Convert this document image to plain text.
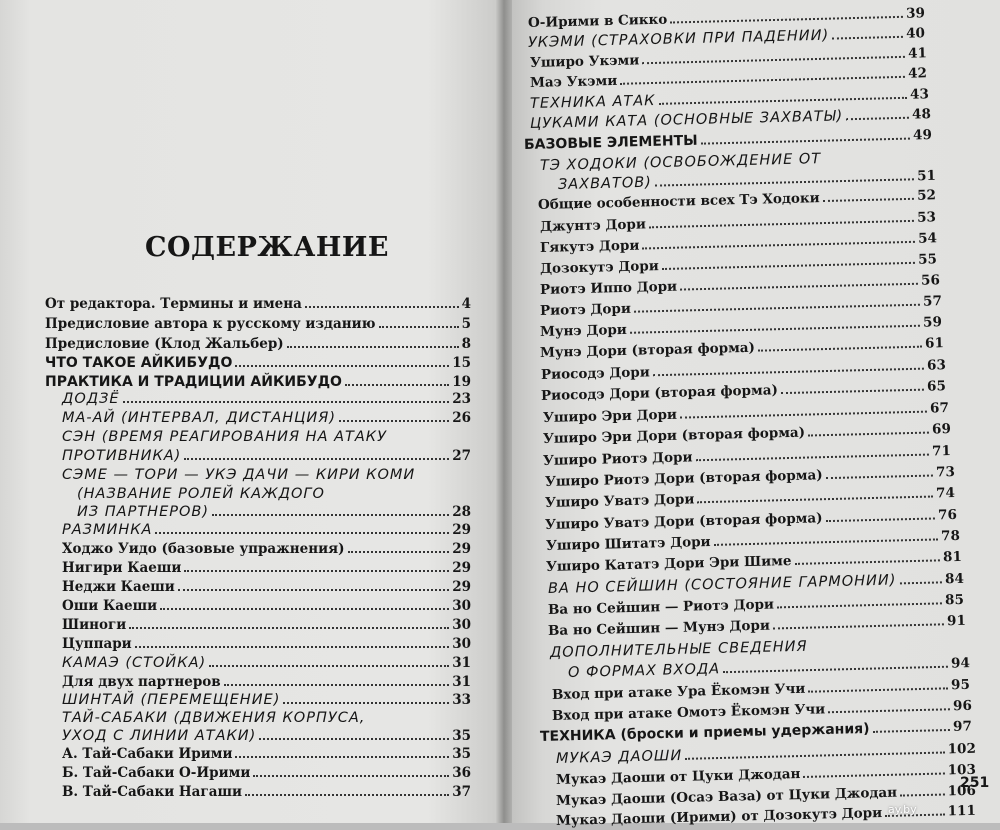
СОДЕРЖАНИЕ
От редактора. Термины и имена	4
Предисловие автора к русскому изданию	5
Предисловие (Клод Жальбер)	8
ЧТО ТАКОЕ АЙКИБУДО	15
ПРАКТИКА И ТРАДИЦИИ АЙКИБУДО	19
ДОДЗЁ	23
МА-АЙ (ИНТЕРВАЛ, ДИСТАНЦИЯ)	26
СЭН (ВРЕМЯ РЕАГИРОВАНИЯ НА АТАКУ
ПРОТИВНИКА)	27
СЭМЕ — ТОРИ — УКЭ ДАЧИ — КИРИ КОМИ
(НАЗВАНИЕ РОЛЕЙ КАЖДОГО
ИЗ ПАРТНЕРОВ)	28
РАЗМИНКА	29
Ходжо Уидо (базовые упражнения)	29
Нигири Каеши	29
Неджи Каеши	29
Оши Каеши	30
Шиноги	30
Цуппари	30
КАМАЭ (СТОЙКА)	31
Для двух партнеров	31
ШИНТАЙ (ПЕРЕМЕЩЕНИЕ)	33
ТАЙ-САБАКИ (ДВИЖЕНИЯ КОРПУСА,
УХОД С ЛИНИИ АТАКИ)	35
А. Тай-Сабаки Ирими	35
Б. Тай-Сабаки О-Ирими	36
В. Тай-Сабаки Нагаши	37
О-Ирими в Сикко	39
УКЭМИ (СТРАХОВКИ ПРИ ПАДЕНИИ)	40
Уширо Укэми	41
Маэ Укэми	42
ТЕХНИКА АТАК	43
ЦУКАМИ КАТА (ОСНОВНЫЕ ЗАХВАТЫ)	48
БАЗОВЫЕ ЭЛЕМЕНТЫ	49
ТЭ ХОДОКИ (ОСВОБОЖДЕНИЕ ОТ
ЗАХВАТОВ)	51
Общие особенности всех Тэ Ходоки	52
Джунтэ Дори	53
Гякутэ Дори	54
Дозокутэ Дори	55
Риотэ Иппо Дори	56
Риотэ Дори	57
Мунэ Дори	59
Мунэ Дори (вторая форма)	61
Риосодэ Дори	63
Риосодэ Дори (вторая форма)	65
Уширо Эри Дори	67
Уширо Эри Дори (вторая форма)	69
Уширо Риотэ Дори	71
Уширо Риотэ Дори (вторая форма)	73
Уширо Уватэ Дори	74
Уширо Уватэ Дори (вторая форма)	76
Уширо Шитатэ Дори	78
Уширо Кататэ Дори Эри Шиме	81
ВА НО СЕЙШИН (СОСТОЯНИЕ ГАРМОНИИ)	84
Ва но Сейшин — Риотэ Дори	85
Ва но Сейшин — Мунэ Дори	91
ДОПОЛНИТЕЛЬНЫЕ СВЕДЕНИЯ
О ФОРМАХ ВХОДА	94
Вход при атаке Ура Ёкомэн Учи	95
Вход при атаке Омотэ Ёкомэн Учи	96
ТЕХНИКА (броски и приемы удержания)	97
МУКАЭ ДАОШИ	102
Мукаэ Даоши от Цуки Джодан	103
Мукаэ Даоши (Осаэ Ваза) от Цуки Джодан	106
Мукаэ Даоши (Ирими) от Дозокутэ Дори	111
251
ay.by
